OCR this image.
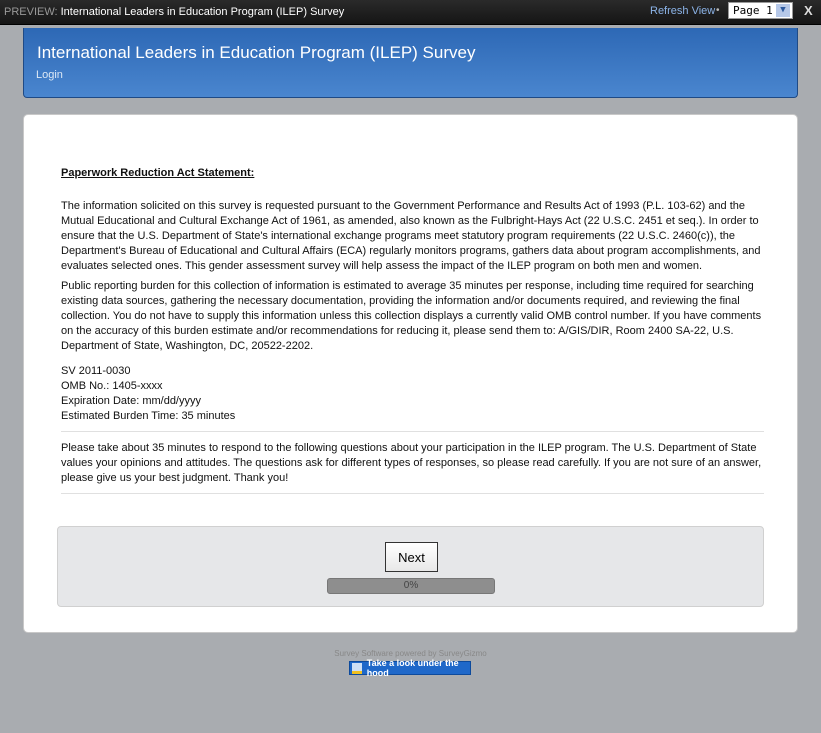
PREVIEW: International Leaders in Education Program (ILEP) Survey	Refresh View •	Page 1 ▼	X
International Leaders in Education Program (ILEP) Survey
Login
Paperwork Reduction Act Statement:

The information solicited on this survey is requested pursuant to the Government Performance and Results Act of 1993 (P.L. 103-62) and the Mutual Educational and Cultural Exchange Act of 1961, as amended, also known as the Fulbright-Hays Act (22 U.S.C. 2451 et seq.). In order to ensure that the U.S. Department of State's international exchange programs meet statutory program requirements (22 U.S.C. 2460(c)), the Department's Bureau of Educational and Cultural Affairs (ECA) regularly monitors programs, gathers data about program accomplishments, and evaluates selected ones. This gender assessment survey will help assess the impact of the ILEP program on both men and women.

Public reporting burden for this collection of information is estimated to average 35 minutes per response, including time required for searching existing data sources, gathering the necessary documentation, providing the information and/or documents required, and reviewing the final collection. You do not have to supply this information unless this collection displays a currently valid OMB control number. If you have comments on the accuracy of this burden estimate and/or recommendations for reducing it, please send them to: A/GIS/DIR, Room 2400 SA-22, U.S. Department of State, Washington, DC, 20522-2202.

SV 2011-0030
OMB No.: 1405-xxxx
Expiration Date: mm/dd/yyyy
Estimated Burden Time: 35 minutes

Please take about 35 minutes to respond to the following questions about your participation in the ILEP program. The U.S. Department of State values your opinions and attitudes. The questions ask for different types of responses, so please read carefully. If you are not sure of an answer, please give us your best judgment. Thank you!

Next
0%
Survey Software powered by SurveyGizmo
Take a look under the hood
